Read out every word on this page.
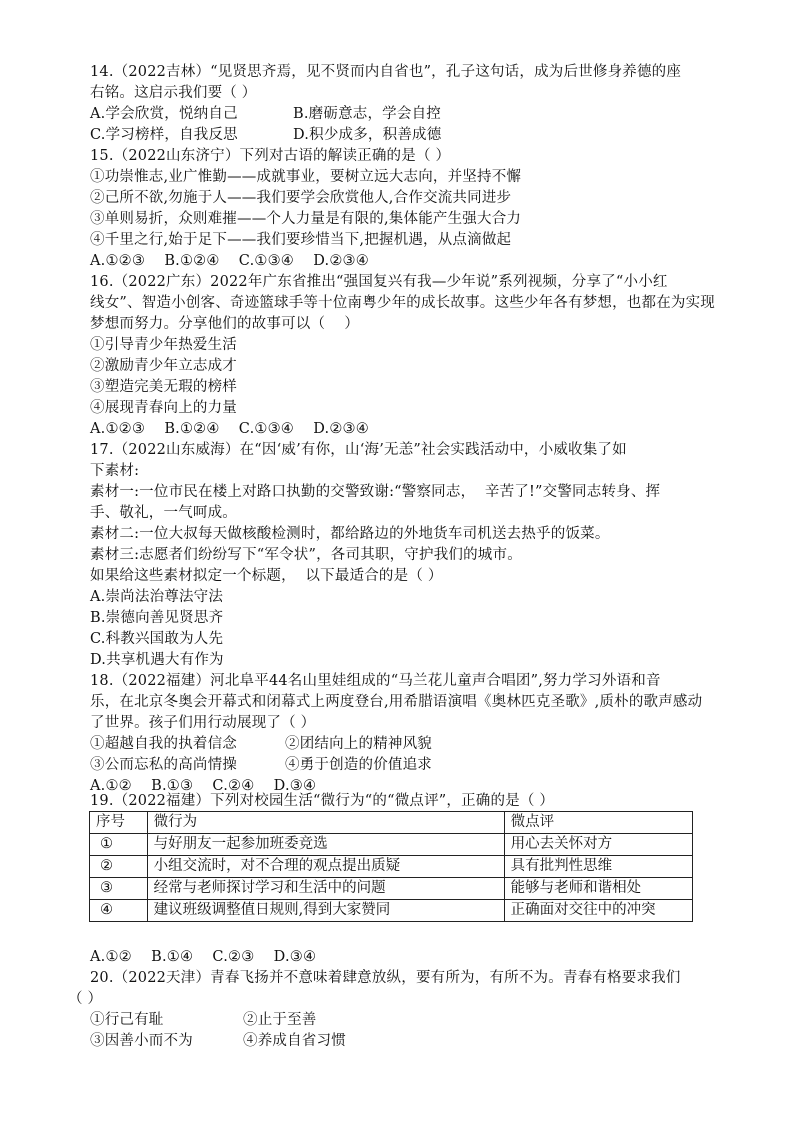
14.（2022吉林）“见贤思齐焉，见不贤而内自省也”，孔子这句话，成为后世修身养德的座
右铭。这启示我们要（ ）
A.学会欣赏，悦纳自己	B.磨砺意志，学会自控
C.学习榜样，自我反思	D.积少成多，积善成德
15.（2022山东济宁）下列对古语的解读正确的是（ ）
①功崇惟志,业广惟勤——成就事业，要树立远大志向，并坚持不懈
②己所不欲,勿施于人——我们要学会欣赏他人,合作交流共同进步
③单则易折，众则难摧——个人力量是有限的,集体能产生强大合力
④千里之行,始于足下——我们要珍惜当下,把握机遇，从点滴做起
A.①②③    B.①②④    C.①③④    D.②③④
16.（2022广东）2022年广东省推出“强国复兴有我—少年说”系列视频，分享了“小小红
线女”、智造小创客、奇迹篮球手等十位南粤少年的成长故事。这些少年各有梦想，也都在为实现
梦想而努力。分享他们的故事可以（    ）
①引导青少年热爱生活
②激励青少年立志成才
③塑造完美无瑕的榜样
④展现青春向上的力量
A.①②③    B.①②④    C.①③④    D.②③④
17.（2022山东威海）在“因‘威’有你，山‘海’无恙”社会实践活动中，小威收集了如
下素材:
素材一:一位市民在楼上对路口执勤的交警致谢:“警察同志，  辛苦了!”交警同志转身、挥
手、敬礼，一气呵成。
素材二:一位大叔每天做核酸检测时，都给路边的外地货车司机送去热乎的饭菜。
素材三:志愿者们纷纷写下“军令状”，各司其职，守护我们的城市。
如果给这些素材拟定一个标题，  以下最适合的是（ ）
A.崇尚法治尊法守法
B.崇德向善见贤思齐
C.科教兴国敢为人先
D.共享机遇大有作为
18.（2022福建）河北阜平44名山里娃组成的“马兰花儿童声合唱团”,努力学习外语和音
乐，在北京冬奥会开幕式和闭幕式上两度登台,用希腊语演唱《奥林匹克圣歌》,质朴的歌声感动
了世界。孩子们用行动展现了（ ）
①超越自我的执着信念	②团结向上的精神风貌
③公而忘私的高尚情操	④勇于创造的价值追求
A.①②    B.①③    C.②④    D.③④
19.（2022福建）下列对校园生活“微行为“的“微点评”，正确的是（ ）
序号	微行为	微点评
①	与好朋友一起参加班委竞选	用心去关怀对方
②	小组交流时，对不合理的观点提出质疑	具有批判性思维
③	经常与老师探讨学习和生活中的问题	能够与老师和谐相处
④	建议班级调整值日规则,得到大家赞同	正确面对交往中的冲突
A.①②    B.①④    C.②③    D.③④
20.（2022天津）青春飞扬并不意味着肆意放纵，要有所为，有所不为。青春有格要求我们
（ ）
①行己有耻	②止于至善
③因善小而不为	④养成自省习惯
